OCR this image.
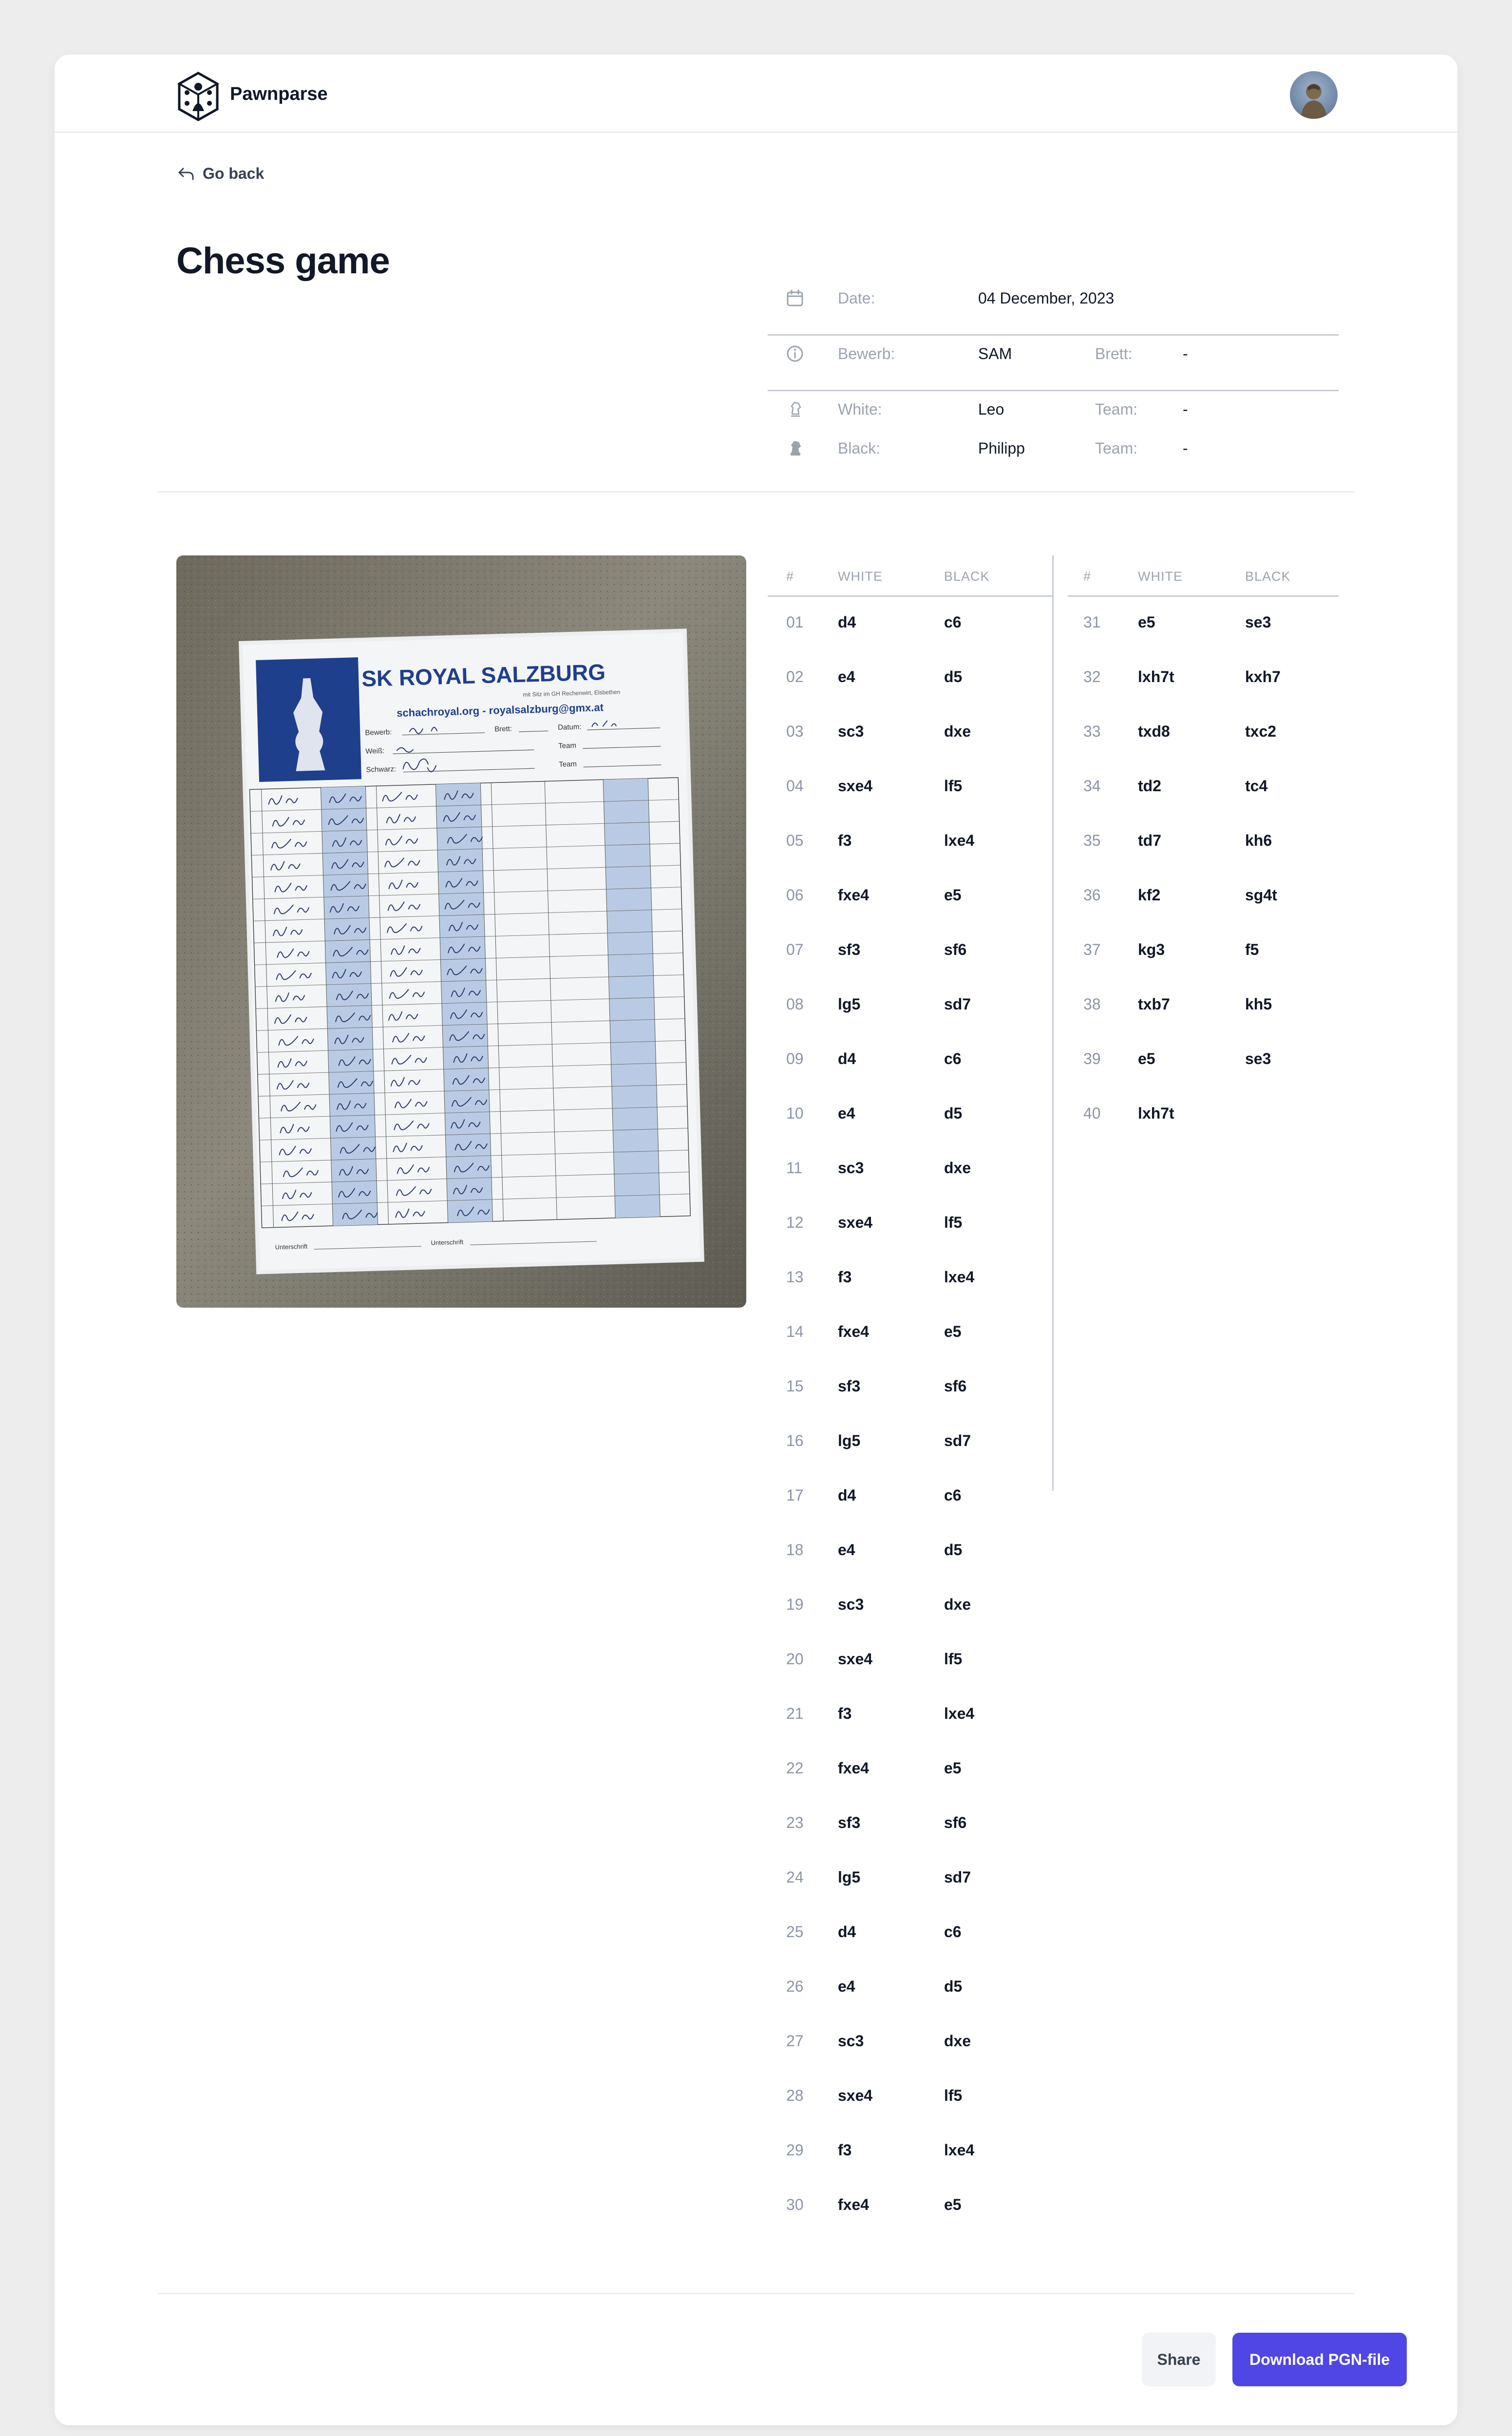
Pawnparse
Go back
Chess game
Date:	04 December, 2023
Bewerb:	SAM	Brett:	-
White:	Leo	Team:	-
Black:	Philipp	Team:	-
SK ROYAL SALZBURG
mit Sitz im GH Rechenwirt, Elsbethen
schachroyal.org - royalsalzburg@gmx.at
Bewerb:	Brett:	Datum:
Weiß:
Team
Schwarz:
Team
Unterschrift
Unterschrift
#	WHITE	BLACK
01 d4	c6
02 e4	d5
03 sc3	dxe
04 sxe4	lf5
05 f3	lxe4
06 fxe4	e5
07 sf3	sf6
08 lg5	sd7
09 d4	c6
10 e4	d5
11 sc3	dxe
12 sxe4	lf5
13 f3	lxe4
14 fxe4	e5
15 sf3	sf6
16 lg5	sd7
17 d4	c6
18 e4	d5
19 sc3	dxe
20 sxe4	lf5
21 f3	lxe4
22 fxe4	e5
23 sf3	sf6
24 lg5	sd7
25 d4	c6
26 e4	d5
27 sc3	dxe
28 sxe4	lf5
29 f3	lxe4
30 fxe4	e5
#	WHITE	BLACK
31 e5	se3
32 lxh7t	kxh7
33 txd8	txc2
34 td2	tc4
35 td7	kh6
36 kf2	sg4t
37 kg3	f5
38 txb7	kh5
39 e5	se3
40 lxh7t
Share	Download PGN-file
